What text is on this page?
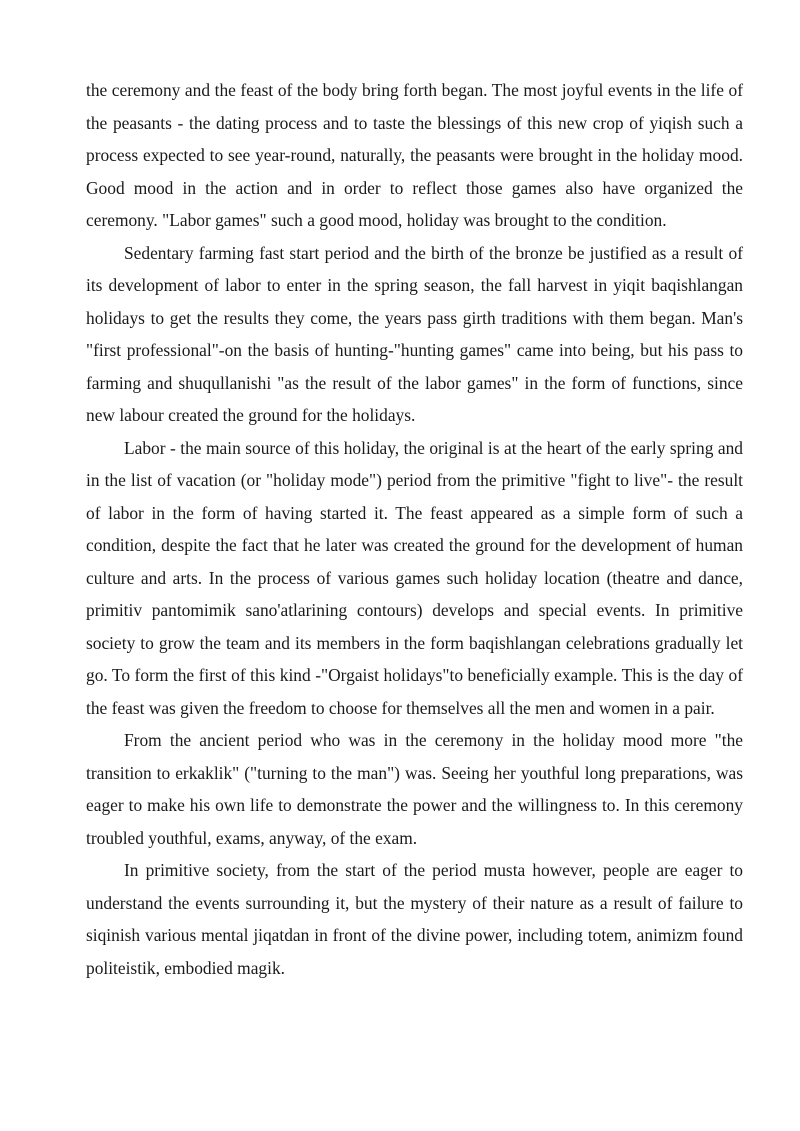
the ceremony and the feast of the body bring forth began. The most joyful events in the life of the peasants - the dating process and to taste the blessings of this new crop of yiqish such a process expected to see year-round, naturally, the peasants were brought in the holiday mood. Good mood in the action and in order to reflect those games also have organized the ceremony. "Labor games" such a good mood, holiday was brought to the condition.

Sedentary farming fast start period and the birth of the bronze be justified as a result of its development of labor to enter in the spring season, the fall harvest in yiqit baqishlangan holidays to get the results they come, the years pass girth traditions with them began. Man's "first professional"-on the basis of hunting-"hunting games" came into being, but his pass to farming and shuqullanishi "as the result of the labor games" in the form of functions, since new labour created the ground for the holidays.

Labor - the main source of this holiday, the original is at the heart of the early spring and in the list of vacation (or "holiday mode") period from the primitive "fight to live"- the result of labor in the form of having started it. The feast appeared as a simple form of such a condition, despite the fact that he later was created the ground for the development of human culture and arts. In the process of various games such holiday location (theatre and dance, primitiv pantomimik sano'atlarining contours) develops and special events. In primitive society to grow the team and its members in the form baqishlangan celebrations gradually let go. To form the first of this kind -"Orgaist holidays"to beneficially example. This is the day of the feast was given the freedom to choose for themselves all the men and women in a pair.

From the ancient period who was in the ceremony in the holiday mood more "the transition to erkaklik" ("turning to the man") was. Seeing her youthful long preparations, was eager to make his own life to demonstrate the power and the willingness to. In this ceremony troubled youthful, exams, anyway, of the exam.

In primitive society, from the start of the period musta however, people are eager to understand the events surrounding it, but the mystery of their nature as a result of failure to siqinish various mental jiqatdan in front of the divine power, including totem, animizm found politeistik, embodied magik.
